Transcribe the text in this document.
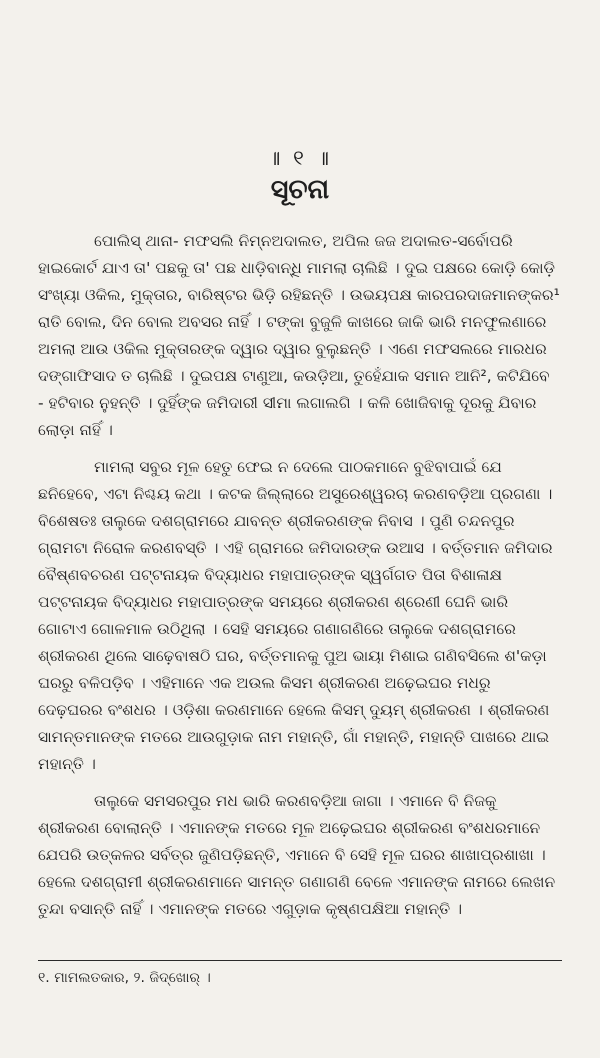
॥ ୧ ॥
ସୂଚନା

ପୋଲିସ୍ ଥାନା- ମଫସଲି ନିମ୍ନଅଦାଲତ, ଅପିଲ ଜଜ ଅଦାଲତ-ସର୍ବୋପରି ହାଇକୋର୍ଟ ଯାଏ ତା' ପଛକୁ ତା' ପଛ ଧାଡ଼ିବାନ୍ଧି ମାମଲା ଚାଲିଛି । ଦୁଇ ପକ୍ଷରେ କୋଡ଼ି କୋଡ଼ି ସଂଖ୍ୟା ଓକିଲ, ମୁକ୍ତାର, ବାରିଷ୍ଟର ଭିଡ଼ି ରହିଛନ୍ତି । ଉଭୟପକ୍ଷ କାରପରଦାଜମାନଙ୍କର¹ ରାତି ବୋଲ, ଦିନ ବୋଲ ଅବସର ନାହିଁ । ଟଙ୍କା ବୁଜୁଳି କାଖରେ ଜାକି ଭାରି ମନଫୁଲଣାରେ ଅମଲା ଆଉ ଓକିଲ ମୁକ୍ତାରଙ୍କ ଦ୍ୱାର ଦ୍ୱାର ବୁଲୁଛନ୍ତି । ଏଣେ ମଫସଲରେ ମାରଧର ଦଙ୍ଗାଫିସାଦ ତ ଚାଲିଛି । ଦୁଇପକ୍ଷ ଟାଣୁଆ, କଉଡ଼ିଆ, ତୁହେଁଯାକ ସମାନ ଆନି², କଟିଯିବେ - ହଟିବାର ନୁହନ୍ତି । ଦୁହିଁଙ୍କ ଜମିଦାରୀ ସୀମା ଲଗାଲଗି । କଳି ଖୋଜିବାକୁ ଦୂରକୁ ଯିବାର ଲୋଡ଼ା ନାହିଁ ।

ମାମଲା ସବୁର ମୂଳ ହେତୁ ଫେଇ ନ ଦେଲେ ପାଠକମାନେ ବୁଝିବାପାଇଁ ଯେ ଛନିହେବେ, ଏଟା ନିଶ୍ଚୟ କଥା । କଟକ ଜିଲ୍ଲାରେ ଅସୁରେଶ୍ୱରଚା କରଣବଡ଼ିଆ ପ୍ରଗଣା । ବିଶେଷତଃ ତାଲୁକେ ଦଶଗ୍ରାମରେ ଯାବନ୍ତ ଶ୍ରୀକରଣଙ୍କ ନିବାସ । ପୁଣି ଚନ୍ଦନପୁର ଗ୍ରାମଟା ନିରୋଳ କରଣବସ୍ତି । ଏହି ଗ୍ରାମରେ ଜମିଦାରଙ୍କ ଉଆସ । ବର୍ତ୍ତମାନ ଜମିଦାର ବୈଷ୍ଣବଚରଣ ପଟ୍ଟନାୟକ ବିଦ୍ୟାଧର ମହାପାତ୍ରଙ୍କ ସ୍ୱର୍ଗଗତ ପିତା ବିଶାଳାକ୍ଷ ପଟ୍ଟନାୟକ ବିଦ୍ୟାଧର ମହାପାତ୍ରଙ୍କ ସମୟରେ ଶ୍ରୀକରଣ ଶ୍ରେଣୀ ଘେନି ଭାରି ଗୋଟାଏ ଗୋଳମାଳ ଉଠିଥିଲା । ସେହି ସମୟରେ ଗଣାଗଣିରେ ତାଲୁକେ ଦଶଗ୍ରାମରେ ଶ୍ରୀକରଣ ଥିଲେ ସାଢ଼େବାଷଠି ଘର, ବର୍ତ୍ତମାନକୁ ପୁଅ ଭାୟା ମିଶାଇ ଗଣିବସିଲେ ଶ'କଡ଼ା ଘରରୁ ବଳିପଡ଼ିବ । ଏହିମାନେ ଏକ ଅଉଲ କିସମ ଶ୍ରୀକରଣ ଅଢ଼େଇଘର ମଧରୁ ଦେଢ଼ଘରର ବଂଶଧର । ଓଡ଼ିଶା କରଣମାନେ ହେଲେ କିସମ୍ ଦୁୟମ୍ ଶ୍ରୀକରଣ । ଶ୍ରୀକରଣ ସାମନ୍ତମାନଙ୍କ ମତରେ ଆଉଗୁଡ଼ାକ ନାମ ମହାନ୍ତି, ଗାଁ ମହାନ୍ତି, ମହାନ୍ତି ପାଖରେ ଥାଇ ମହାନ୍ତି ।

ତାଲୁକେ ସମସରପୁର ମଧ ଭାରି କରଣବଡ଼ିଆ ଜାଗା । ଏମାନେ ବି ନିଜକୁ ଶ୍ରୀକରଣ ବୋଲାନ୍ତି । ଏମାନଙ୍କ ମତରେ ମୂଳ ଅଢ଼େଇଘର ଶ୍ରୀକରଣ ବଂଶଧରମାନେ ଯେପରି ଉତ୍କଳର ସର୍ବତ୍ର ଜୁଣିପଡ଼ିଛନ୍ତି, ଏମାନେ ବି ସେହି ମୂଳ ଘରର ଶାଖାପ୍ରଶାଖା । ହେଲେ ଦଶଗ୍ରାମୀ ଶ୍ରୀକରଣମାନେ ସାମନ୍ତ ଗଣାଗଣି ବେଳେ ଏମାନଙ୍କ ନାମରେ ଲେଖନ ତୁନ୍ଦା ବସାନ୍ତି ନାହିଁ । ଏମାନଙ୍କ ମତରେ ଏଗୁଡ଼ାକ କୃଷ୍ଣପକ୍ଷିଆ ମହାନ୍ତି ।

୧. ମାମଲତକାର, ୨. ଜିଦ୍‌ଖୋର୍ ।
